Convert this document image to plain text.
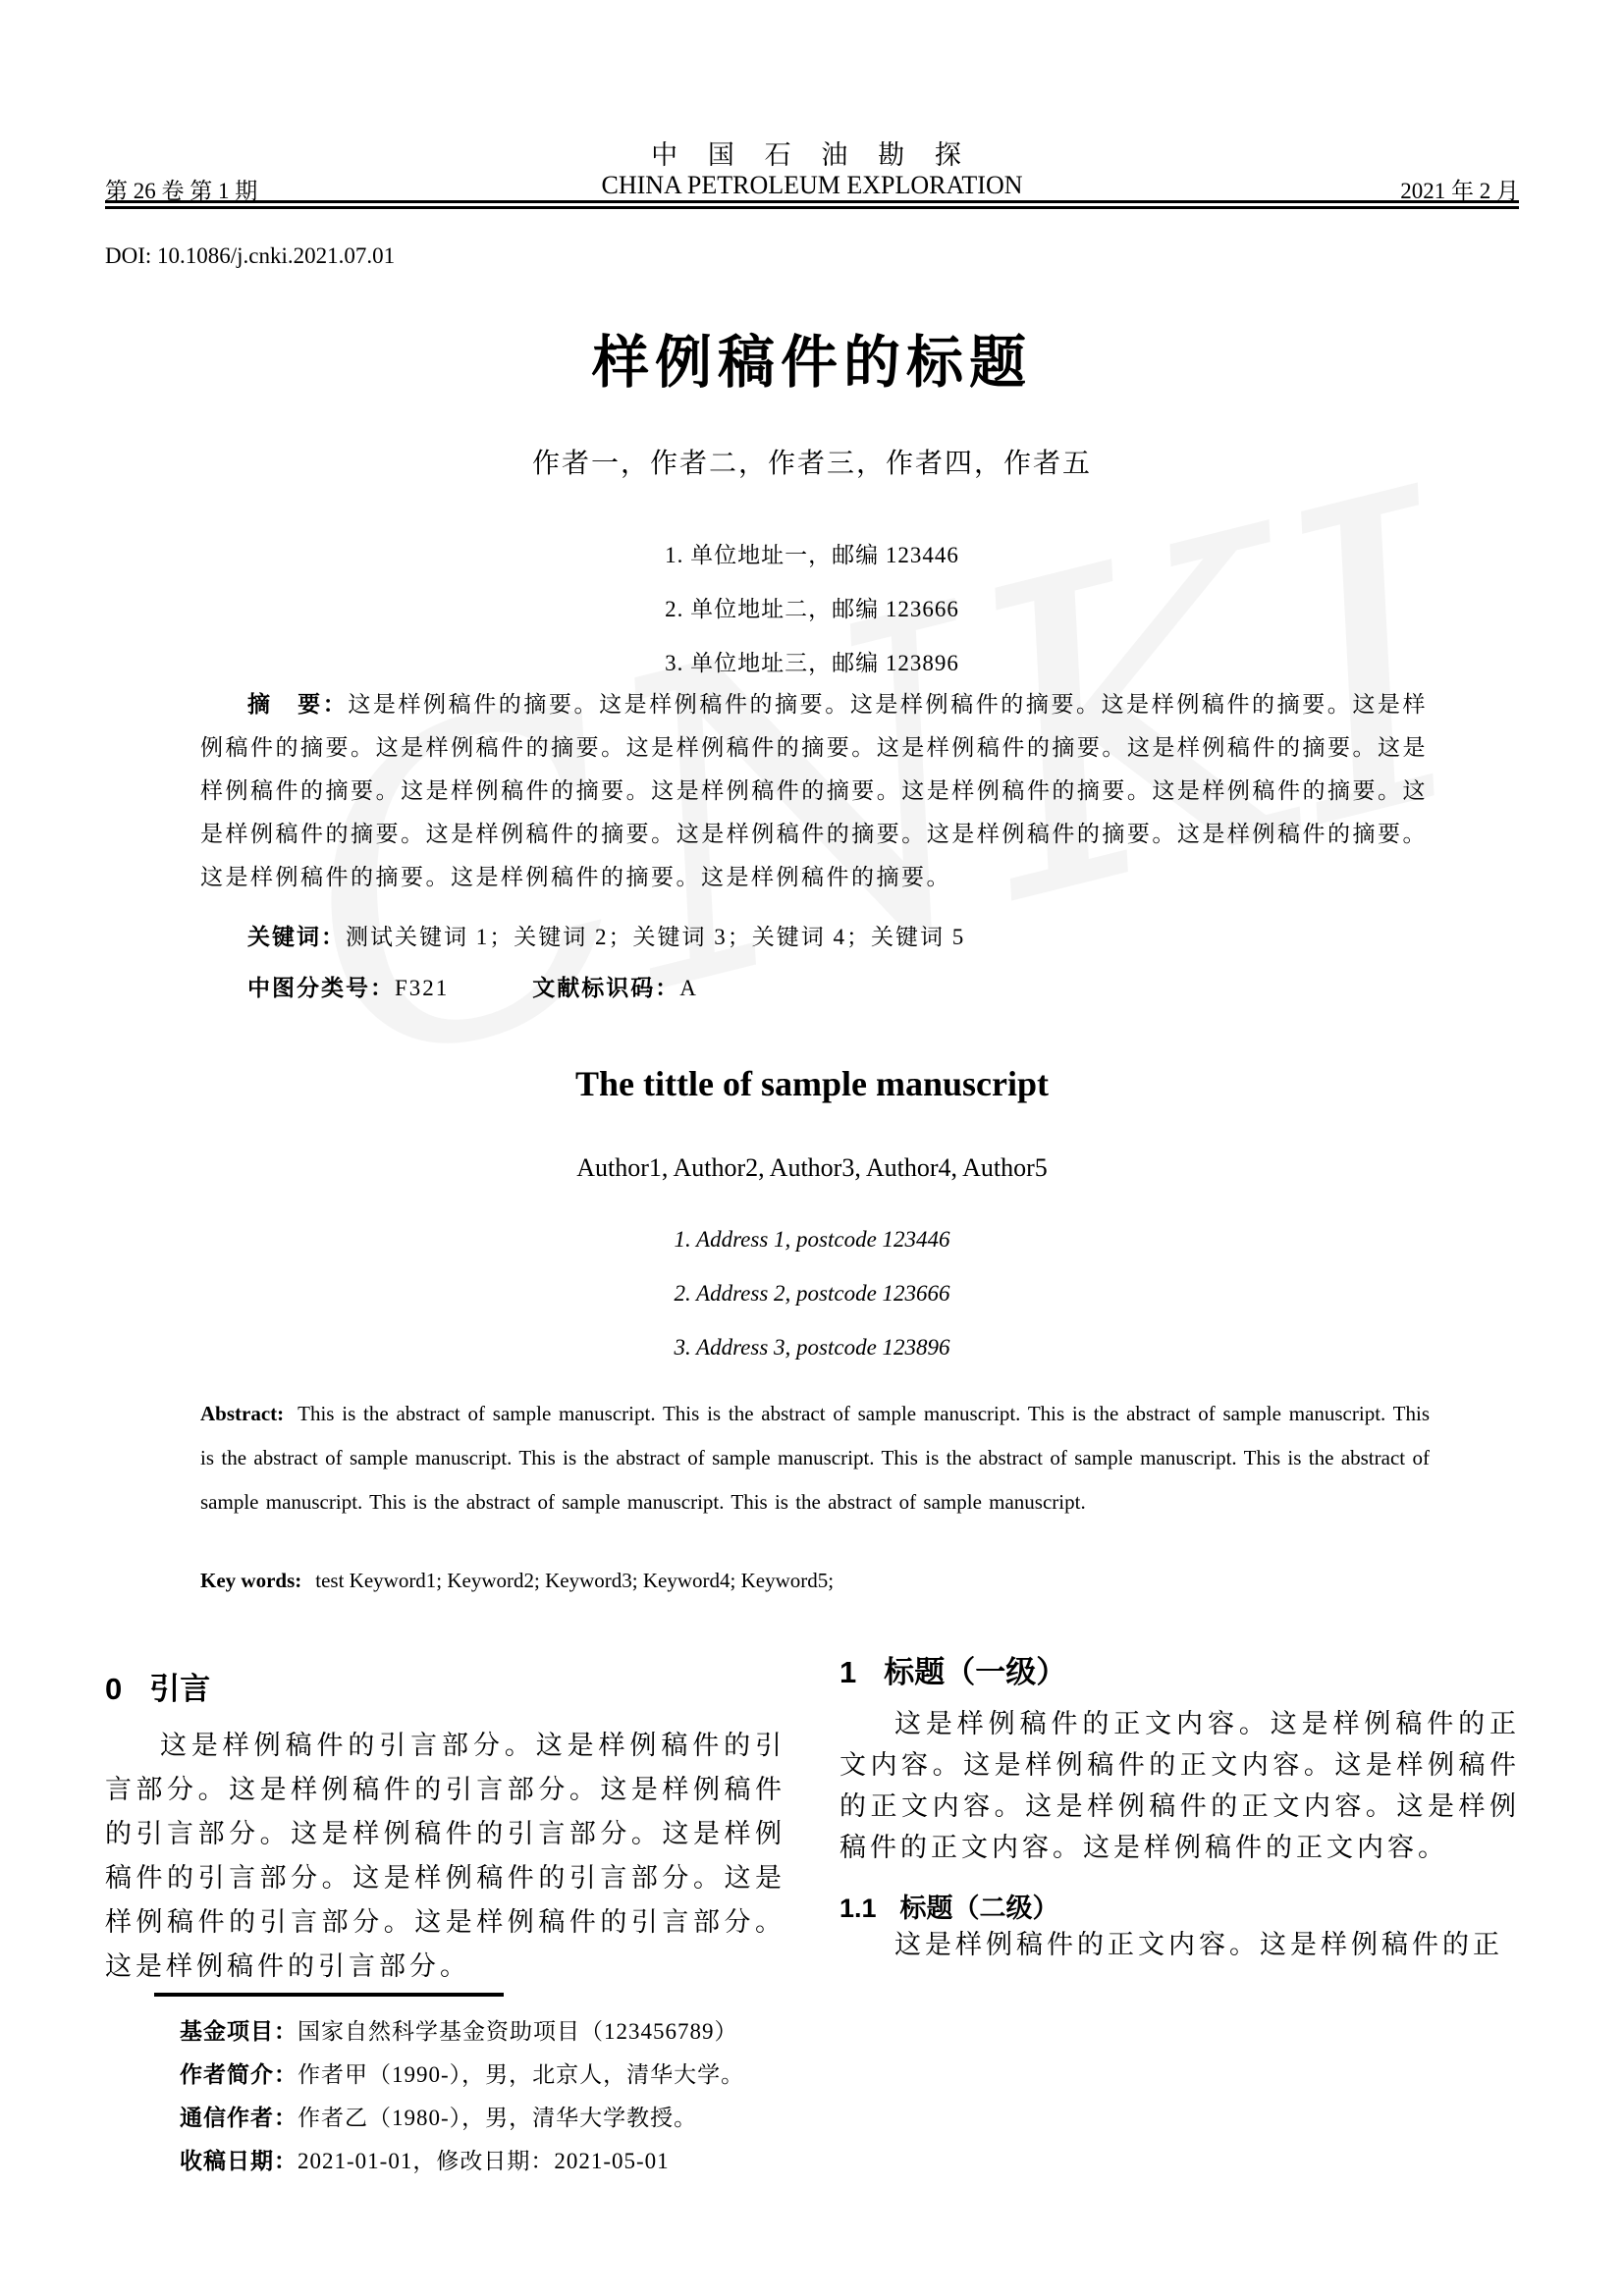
中 国 石 油 勘 探
第 26 卷 第 1 期	CHINA PETROLEUM EXPLORATION	2021 年 2 月
DOI: 10.1086/j.cnki.2021.07.01
样例稿件的标题
作者一，作者二，作者三，作者四，作者五
1. 单位地址一，邮编 123446
2. 单位地址二，邮编 123666
3. 单位地址三，邮编 123896
摘　要：这是样例稿件的摘要。这是样例稿件的摘要。这是样例稿件的摘要。这是样例稿件的摘要。这是样例稿件的摘要。这是样例稿件的摘要。这是样例稿件的摘要。这是样例稿件的摘要。这是样例稿件的摘要。这是样例稿件的摘要。这是样例稿件的摘要。这是样例稿件的摘要。这是样例稿件的摘要。这是样例稿件的摘要。这是样例稿件的摘要。这是样例稿件的摘要。这是样例稿件的摘要。这是样例稿件的摘要。这是样例稿件的摘要。这是样例稿件的摘要。这是样例稿件的摘要。这是样例稿件的摘要。
关键词：测试关键词 1；关键词 2；关键词 3；关键词 4；关键词 5
中图分类号：F321	文献标识码：A
The tittle of sample manuscript
Author1, Author2, Author3, Author4, Author5
1. Address 1, postcode 123446
2. Address 2, postcode 123666
3. Address 3, postcode 123896
Abstract: This is the abstract of sample manuscript. This is the abstract of sample manuscript. This is the abstract of sample manuscript. This is the abstract of sample manuscript. This is the abstract of sample manuscript. This is the abstract of sample manuscript. This is the abstract of sample manuscript. This is the abstract of sample manuscript. This is the abstract of sample manuscript.
Key words: test Keyword1; Keyword2; Keyword3; Keyword4; Keyword5;
0 引言
这是样例稿件的引言部分。这是样例稿件的引言部分。这是样例稿件的引言部分。这是样例稿件的引言部分。这是样例稿件的引言部分。这是样例稿件的引言部分。这是样例稿件的引言部分。这是样例稿件的引言部分。这是样例稿件的引言部分。这是样例稿件的引言部分。
1 标题（一级）
这是样例稿件的正文内容。这是样例稿件的正文内容。这是样例稿件的正文内容。这是样例稿件的正文内容。这是样例稿件的正文内容。这是样例稿件的正文内容。这是样例稿件的正文内容。
1.1 标题（二级）
这是样例稿件的正文内容。这是样例稿件的正
基金项目：国家自然科学基金资助项目（123456789）
作者简介：作者甲（1990-），男，北京人，清华大学。
通信作者：作者乙（1980-），男，清华大学教授。
收稿日期：2021-01-01，修改日期：2021-05-01
